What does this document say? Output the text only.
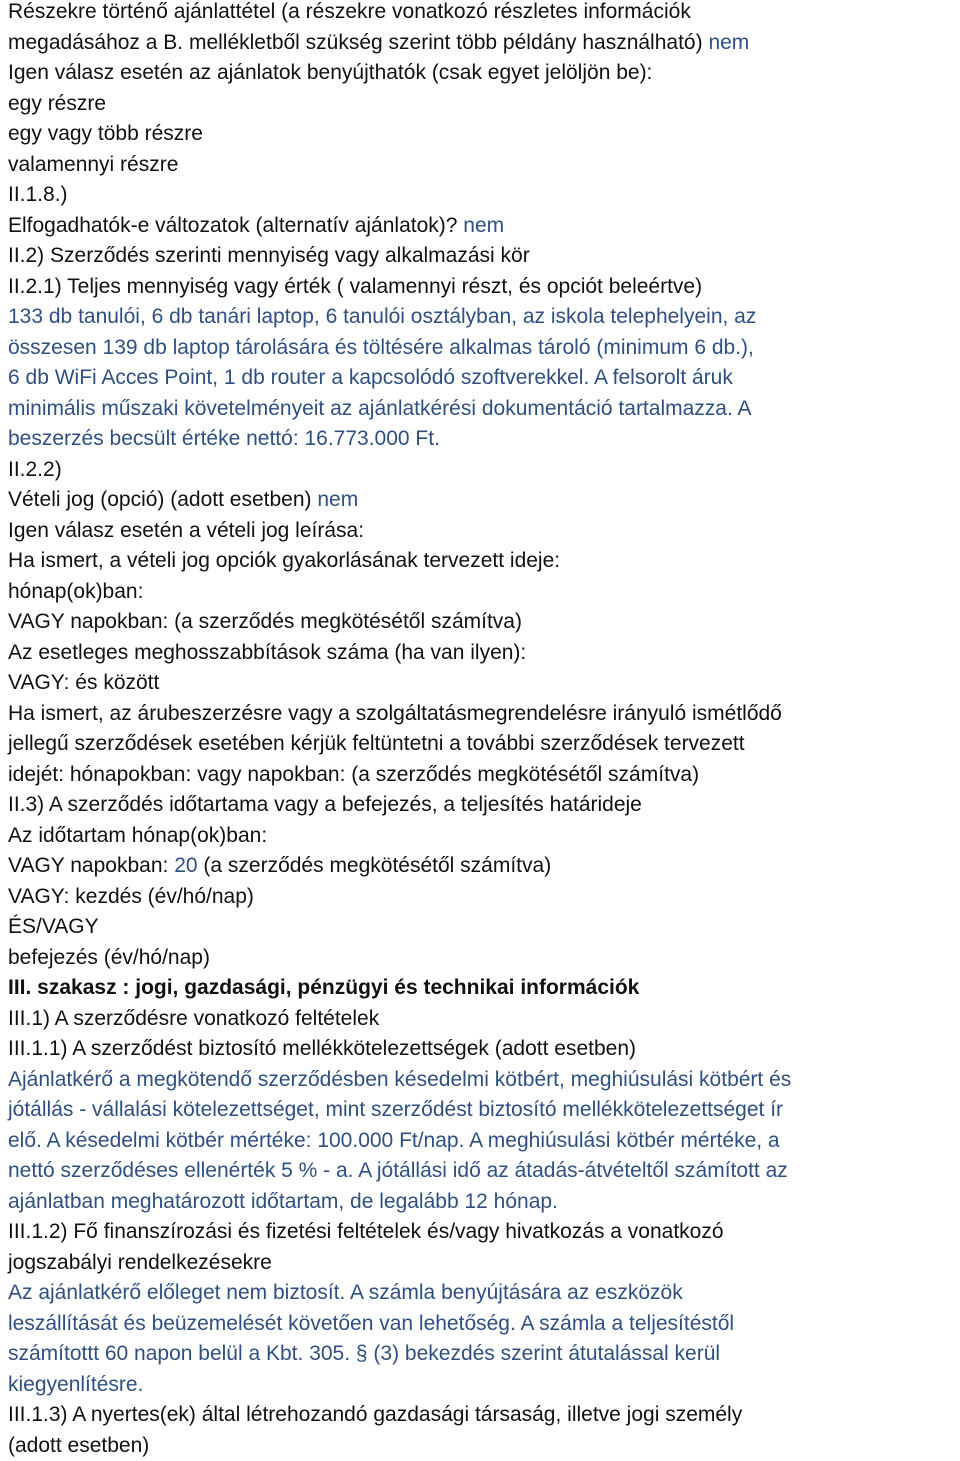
Részekre történő ajánlattétel (a részekre vonatkozó részletes információk
megadásához a B. mellékletből szükség szerint több példány használható) nem
Igen válasz esetén az ajánlatok benyújthatók (csak egyet jelöljön be):
egy részre
egy vagy több részre
valamennyi részre
II.1.8.)
Elfogadhatók-e változatok (alternatív ajánlatok)? nem
II.2) Szerződés szerinti mennyiség vagy alkalmazási kör
II.2.1) Teljes mennyiség vagy érték ( valamennyi részt, és opciót beleértve)
133 db tanulói, 6 db tanári laptop, 6 tanulói osztályban, az iskola telephelyein, az
összesen 139 db laptop tárolására és töltésére alkalmas tároló (minimum 6 db.),
6 db WiFi Acces Point, 1 db router a kapcsolódó szoftverekkel. A felsorolt áruk
minimális műszaki követelményeit az ajánlatkérési dokumentáció tartalmazza. A
beszerzés becsült értéke nettó: 16.773.000 Ft.
II.2.2)
Vételi jog (opció) (adott esetben) nem
Igen válasz esetén a vételi jog leírása:
Ha ismert, a vételi jog opciók gyakorlásának tervezett ideje:
hónap(ok)ban:
VAGY napokban: (a szerződés megkötésétől számítva)
Az esetleges meghosszabbítások száma (ha van ilyen):
VAGY: és között
Ha ismert, az árubeszerzésre vagy a szolgáltatásmegrendelésre irányuló ismétlődő
jellegű szerződések esetében kérjük feltüntetni a további szerződések tervezett
idejét: hónapokban: vagy napokban: (a szerződés megkötésétől számítva)
II.3) A szerződés időtartama vagy a befejezés, a teljesítés határideje
Az időtartam hónap(ok)ban:
VAGY napokban: 20 (a szerződés megkötésétől számítva)
VAGY: kezdés (év/hó/nap)
ÉS/VAGY
befejezés (év/hó/nap)
III. szakasz : jogi, gazdasági, pénzügyi és technikai információk
III.1) A szerződésre vonatkozó feltételek
III.1.1) A szerződést biztosító mellékkötelezettségek (adott esetben)
Ajánlatkérő a megkötendő szerződésben késedelmi kötbért, meghiúsulási kötbért és
jótállás - vállalási kötelezettséget, mint szerződést biztosító mellékkötelezettséget ír
elő. A késedelmi kötbér mértéke: 100.000 Ft/nap. A meghiúsulási kötbér mértéke, a
nettó szerződéses ellenérték 5 % - a. A jótállási idő az átadás-átvételtől számított az
ajánlatban meghatározott időtartam, de legalább 12 hónap.
III.1.2) Fő finanszírozási és fizetési feltételek és/vagy hivatkozás a vonatkozó
jogszabályi rendelkezésekre
Az ajánlatkérő előleget nem biztosít. A számla benyújtására az eszközök
leszállítását és beüzemelését követően van lehetőség. A számla a teljesítéstől
számítottt 60 napon belül a Kbt. 305. § (3) bekezdés szerint átutalással kerül
kiegyenlítésre.
III.1.3) A nyertes(ek) által létrehozandó gazdasági társaság, illetve jogi személy
(adott esetben)
